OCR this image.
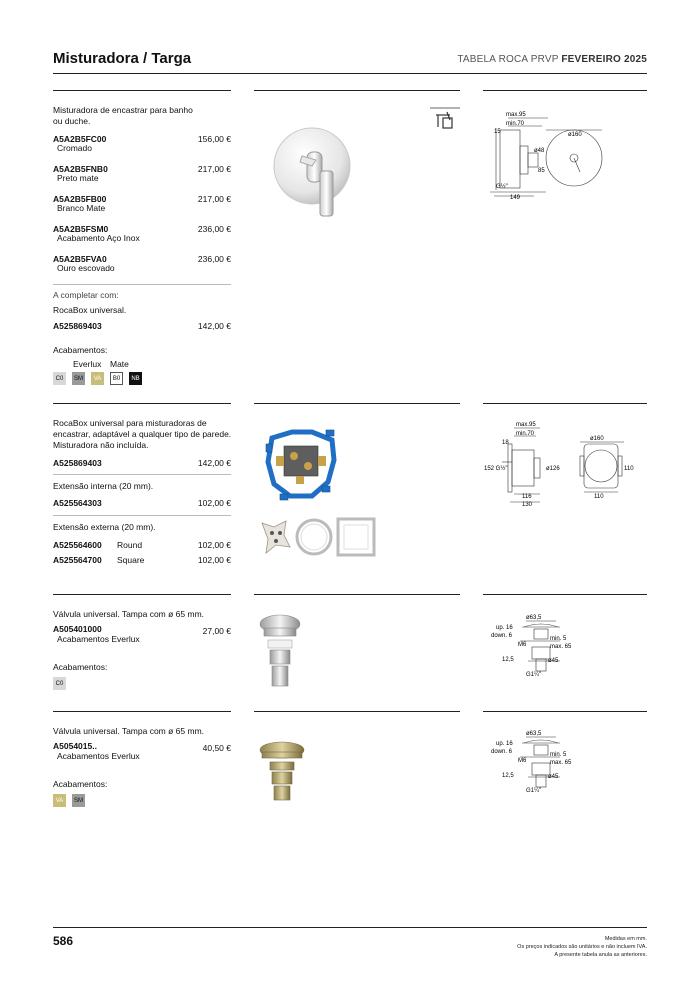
Misturadora / Targa	TABELA ROCA PRVP FEVEREIRO 2025
Misturadora de encastrar para banho ou duche.
A5A2B5FC00	156,00 €
Cromado
A5A2B5FNB0	217,00 €
Preto mate
A5A2B5FB00	217,00 €
Branco Mate
A5A2B5FSM0	236,00 €
Acabamento Aço Inox
A5A2B5FVA0	236,00 €
Ouro escovado
A completar com:
RocaBox universal.
A525869403	142,00 €
Acabamentos:
Everlux Mate
C0	SM	VA	B0	NB
max.95
min.70
15
ø48
85
G½"
149
ø160
RocaBox universal para misturadoras de encastrar, adaptável a qualquer tipo de parede. Misturadora não incluída.
A525869403	142,00 €
Extensão interna (20 mm).
A525564303	102,00 €
Extensão externa (20 mm).
A525564600 Round	102,00 €
A525564700 Square	102,00 €
max.95
min.70
18
152 G½"	ø126
116
130
ø160
110
110
Válvula universal. Tampa com ø 65 mm.
A505401000	27,00 €
Acabamentos Everlux
Acabamentos:
C0
ø63,5
up. 16
down. 6
M6
min. 5
max. 65
12,5	ø45
G1¼"
Válvula universal. Tampa com ø 65 mm.
A5054015..	40,50 €
Acabamentos Everlux
Acabamentos:
VA	SM
ø63,5
up. 16
down. 6
M6
min. 5
max. 65
12,5	ø45
G1¼"
586	Medidas em mm.
Os preços indicados são unitários e não incluem IVA.
A presente tabela anula as anteriores.
